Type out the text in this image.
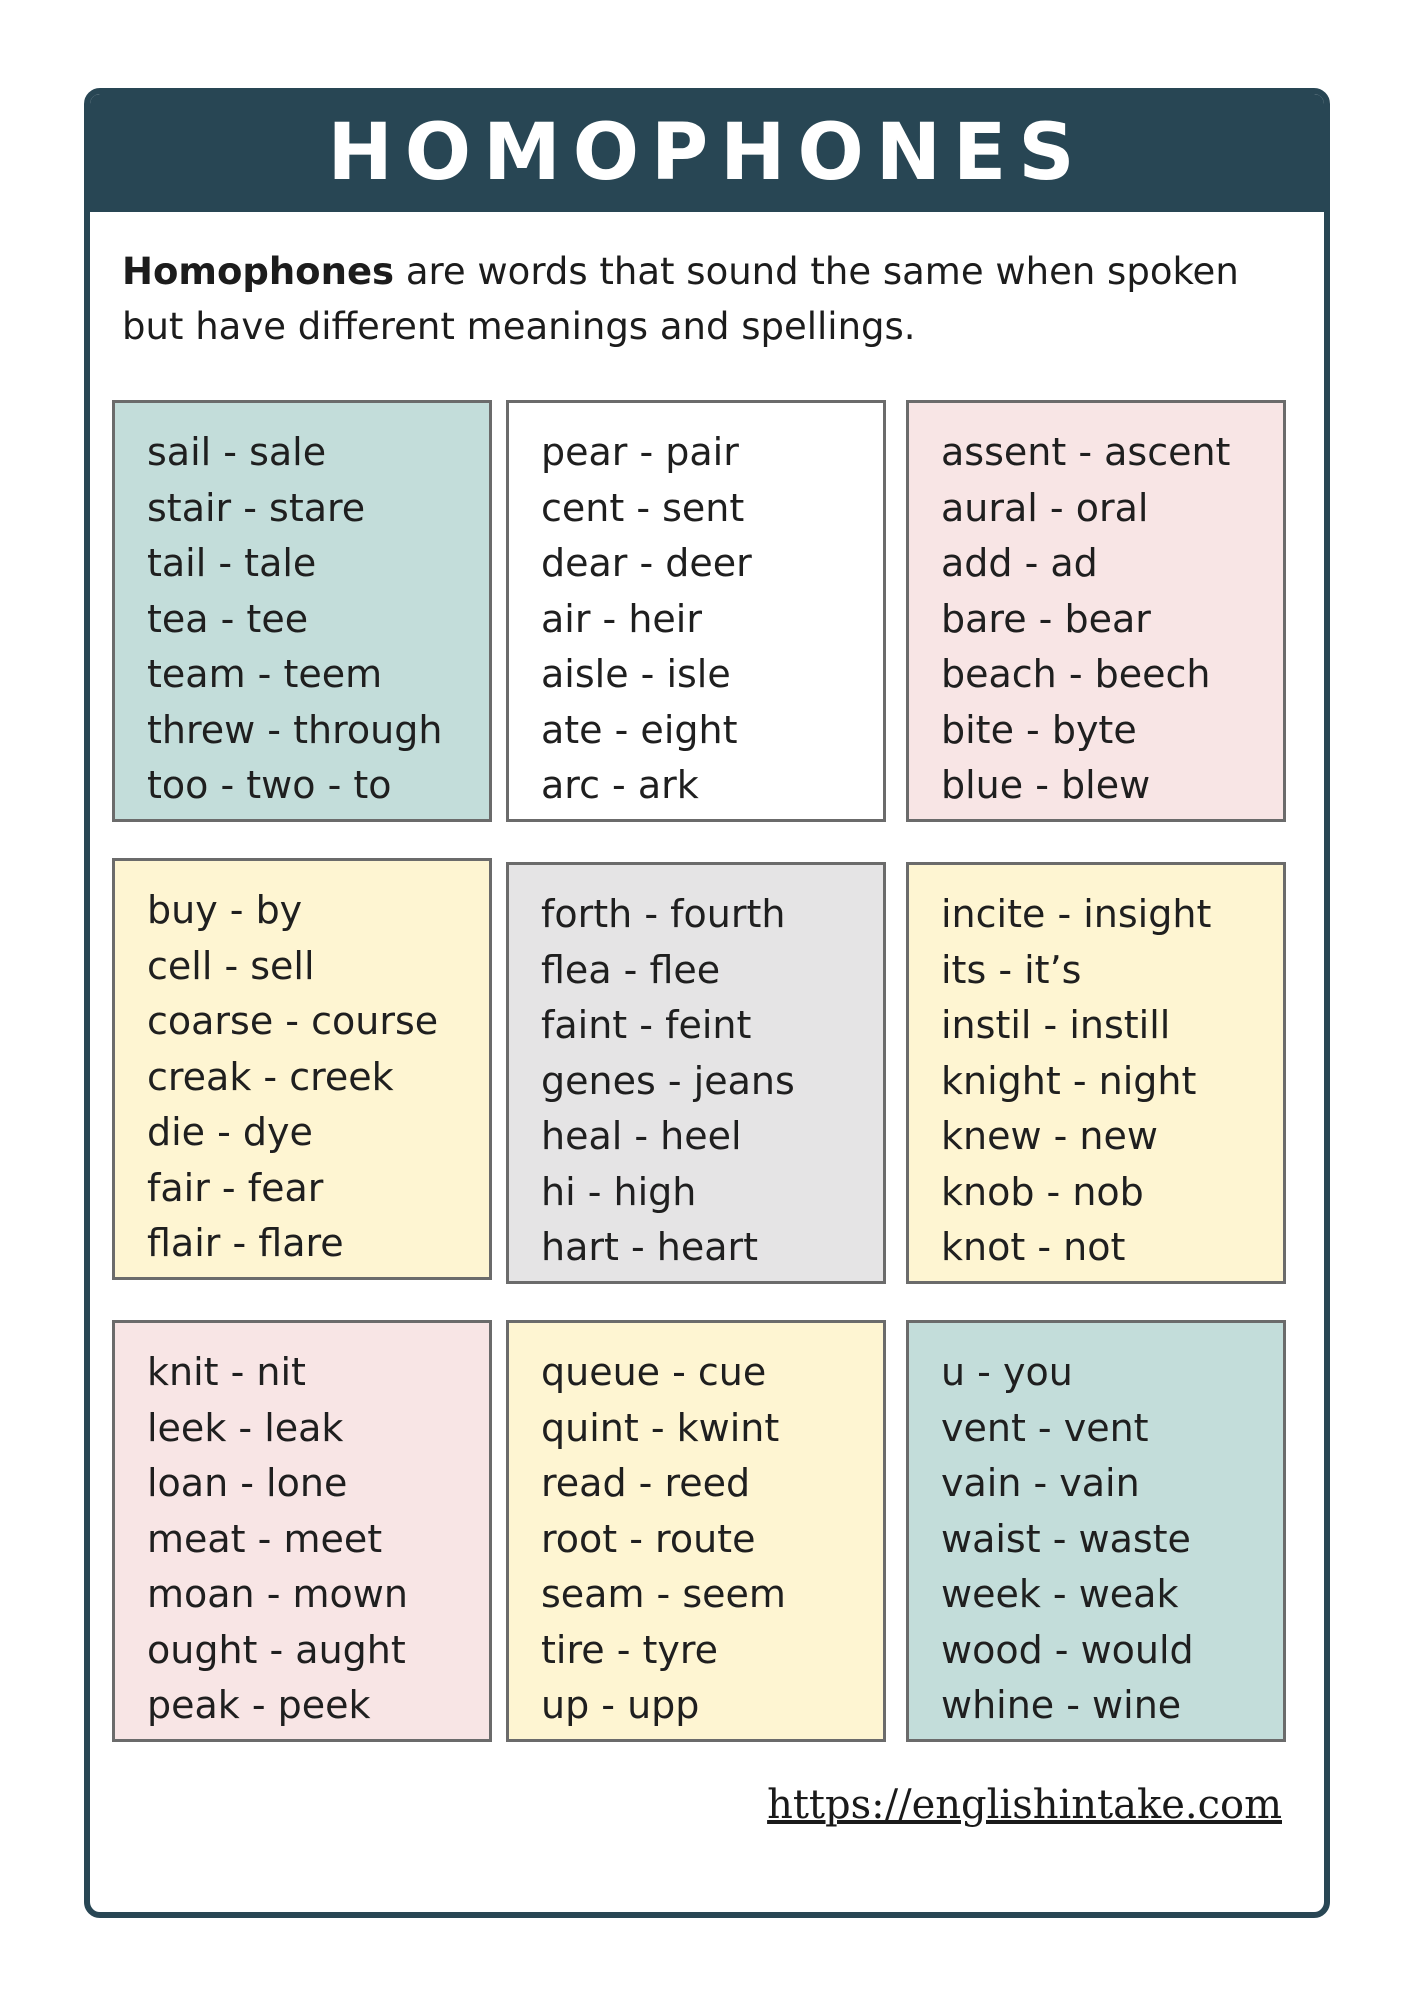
HOMOPHONES

Homophones are words that sound the same when spoken but have different meanings and spellings.

sail - sale
stair - stare
tail - tale
tea - tee
team - teem
threw - through
too - two - to
pear - pair
cent - sent
dear - deer
air - heir
aisle - isle
ate - eight
arc - ark
assent - ascent
aural - oral
add - ad
bare - bear
beach - beech
bite - byte
blue - blew
buy - by
cell - sell
coarse - course
creak - creek
die - dye
fair - fear
flair - flare
forth - fourth
flea - flee
faint - feint
genes - jeans
heal - heel
hi - high
hart - heart
incite - insight
its - it’s
instil - instill
knight - night
knew - new
knob - nob
knot - not
knit - nit
leek - leak
loan - lone
meat - meet
moan - mown
ought - aught
peak - peek
queue - cue
quint - kwint
read - reed
root - route
seam - seem
tire - tyre
up - upp
u - you
vent - vent
vain - vain
waist - waste
week - weak
wood - would
whine - wine
https://englishintake.com
